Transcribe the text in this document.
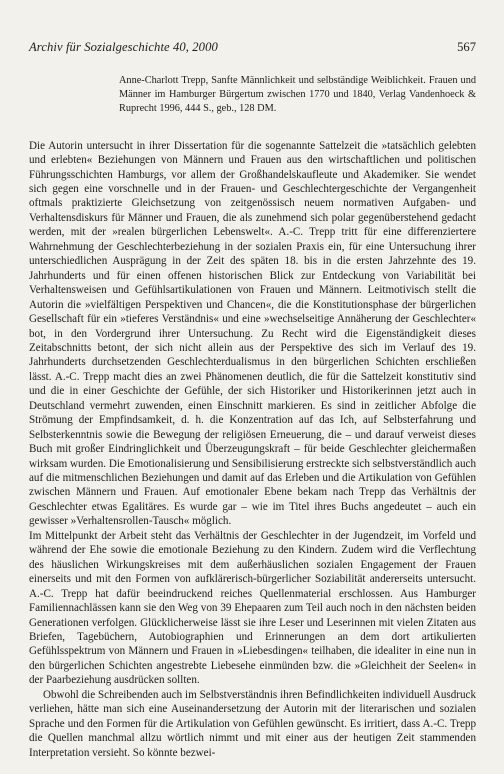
Archiv für Sozialgeschichte 40, 2000	567
Anne-Charlott Trepp, Sanfte Männlichkeit und selbständige Weiblichkeit. Frauen und Männer im Hamburger Bürgertum zwischen 1770 und 1840, Verlag Vandenhoeck & Ruprecht 1996, 444 S., geb., 128 DM.

Die Autorin untersucht in ihrer Dissertation für die sogenannte Sattelzeit die »tatsächlich gelebten und erlebten« Beziehungen von Männern und Frauen aus den wirtschaftlichen und politischen Führungsschichten Hamburgs, vor allem der Großhandelskaufleute und Akademiker. Sie wendet sich gegen eine vorschnelle und in der Frauen- und Geschlechtergeschichte der Vergangenheit oftmals praktizierte Gleichsetzung von zeitgenössisch neuem normativen Aufgaben- und Verhaltensdiskurs für Männer und Frauen, die als zunehmend sich polar gegenüberstehend gedacht werden, mit der »realen bürgerlichen Lebenswelt«. A.-C. Trepp tritt für eine differenziertere Wahrnehmung der Geschlechterbeziehung in der sozialen Praxis ein, für eine Untersuchung ihrer unterschiedlichen Ausprägung in der Zeit des späten 18. bis in die ersten Jahrzehnte des 19. Jahrhunderts und für einen offenen historischen Blick zur Entdeckung von Variabilität bei Verhaltensweisen und Gefühlsartikulationen von Frauen und Männern. Leitmotivisch stellt die Autorin die »vielfältigen Perspektiven und Chancen«, die die Konstitutionsphase der bürgerlichen Gesellschaft für ein »tieferes Verständnis« und eine »wechselseitige Annäherung der Geschlechter« bot, in den Vordergrund ihrer Untersuchung. Zu Recht wird die Eigenständigkeit dieses Zeitabschnitts betont, der sich nicht allein aus der Perspektive des sich im Verlauf des 19. Jahrhunderts durchsetzenden Geschlechterdualismus in den bürgerlichen Schichten erschließen lässt. A.-C. Trepp macht dies an zwei Phänomenen deutlich, die für die Sattelzeit konstitutiv sind und die in einer Geschichte der Gefühle, der sich Historiker und Historikerinnen jetzt auch in Deutschland vermehrt zuwenden, einen Einschnitt markieren. Es sind in zeitlicher Abfolge die Strömung der Empfindsamkeit, d. h. die Konzentration auf das Ich, auf Selbsterfahrung und Selbsterkenntnis sowie die Bewegung der religiösen Erneuerung, die – und darauf verweist dieses Buch mit großer Eindringlichkeit und Überzeugungskraft – für beide Geschlechter gleichermaßen wirksam wurden. Die Emotionalisierung und Sensibilisierung erstreckte sich selbstverständlich auch auf die mitmenschlichen Beziehungen und damit auf das Erleben und die Artikulation von Gefühlen zwischen Männern und Frauen. Auf emotionaler Ebene bekam nach Trepp das Verhältnis der Geschlechter etwas Egalitäres. Es wurde gar – wie im Titel ihres Buchs angedeutet – auch ein gewisser »Verhaltensrollen-Tausch« möglich.

Im Mittelpunkt der Arbeit steht das Verhältnis der Geschlechter in der Jugendzeit, im Vorfeld und während der Ehe sowie die emotionale Beziehung zu den Kindern. Zudem wird die Verflechtung des häuslichen Wirkungskreises mit dem außerhäuslichen sozialen Engagement der Frauen einerseits und mit den Formen von aufklärerisch-bürgerlicher Soziabilität andererseits untersucht. A.-C. Trepp hat dafür beeindruckend reiches Quellenmaterial erschlossen. Aus Hamburger Familiennachlässen kann sie den Weg von 39 Ehepaaren zum Teil auch noch in den nächsten beiden Generationen verfolgen. Glücklicherweise lässt sie ihre Leser und Leserinnen mit vielen Zitaten aus Briefen, Tagebüchern, Autobiographien und Erinnerungen an dem dort artikulierten Gefühlsspektrum von Männern und Frauen in »Liebesdingen« teilhaben, die idealiter in eine nun in den bürgerlichen Schichten angestrebte Liebesehe einmünden bzw. die »Gleichheit der Seelen« in der Paarbeziehung ausdrücken sollten.

Obwohl die Schreibenden auch im Selbstverständnis ihren Befindlichkeiten individuell Ausdruck verliehen, hätte man sich eine Auseinandersetzung der Autorin mit der literarischen und sozialen Sprache und den Formen für die Artikulation von Gefühlen gewünscht. Es irritiert, dass A.-C. Trepp die Quellen manchmal allzu wörtlich nimmt und mit einer aus der heutigen Zeit stammenden Interpretation versieht. So könnte bezwei-
